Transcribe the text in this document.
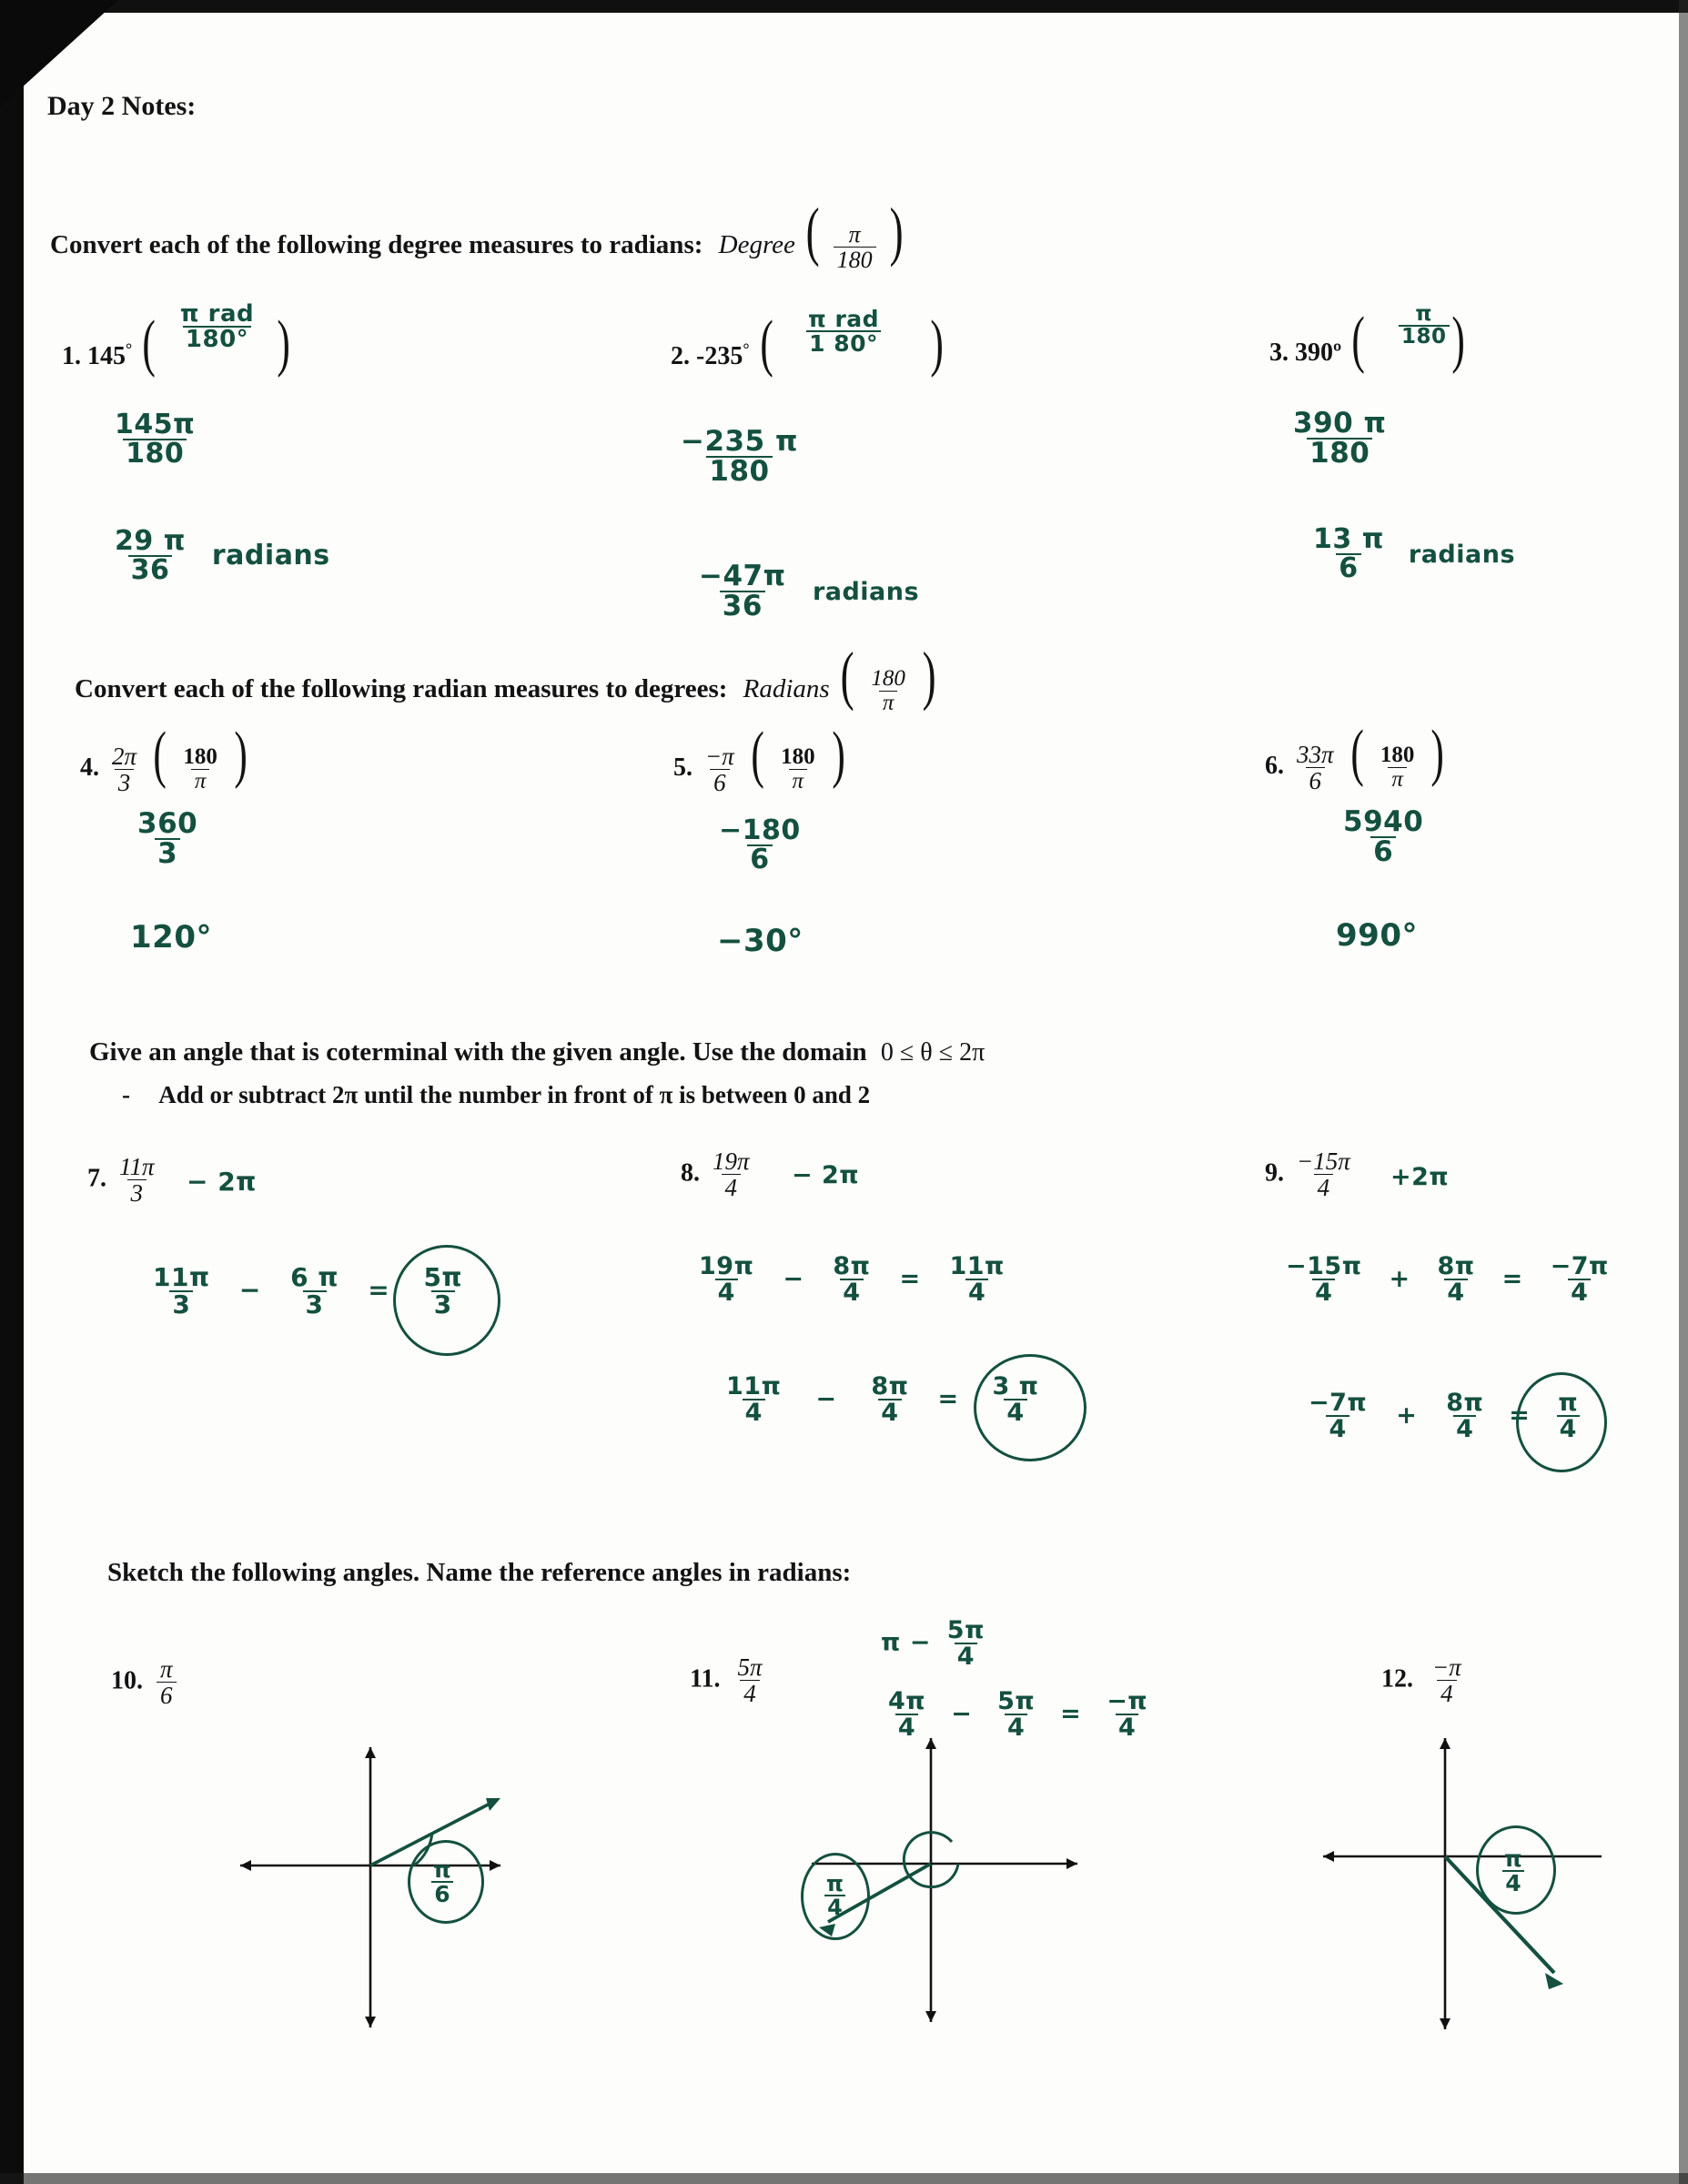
Day 2 Notes:
Convert each of the following degree measures to radians: Degree ( $\frac{\pi}{180}$ )
1. 145° ( )
$\frac{\text{π rad}}{180^\circ}$
$\frac{145\pi}{180}$
$\frac{29 \pi}{36}$ radians
2. -235° ( )
$\frac{\text{π rad}}{1 80^\circ}$
$\frac{-235 \pi}{180}$
$\frac{-47\pi}{36}$ radians
3. 390º ( )
$\frac{\pi}{180}$
$\frac{390 \pi}{180}$
$\frac{13 \pi}{6}$ radians
Convert each of the following radian measures to degrees: Radians ( $\frac{180}{\pi}$ )
4. $\frac{2\pi}{3}$ ( $\frac{180}{\pi}$ )
$\frac{360}{3}$
120°
5. $\frac{-\pi}{6}$ ( $\frac{180}{\pi}$ )
$\frac{-180}{6}$
−30°
6. $\frac{33\pi}{6}$ ( $\frac{180}{\pi}$ )
$\frac{5940}{6}$
990°
Give an angle that is coterminal with the given angle. Use the domain 0 ≤ θ ≤ 2π
- Add or subtract 2π until the number in front of π is between 0 and 2
7. $\frac{11\pi}{3} - 2\pi$
$\frac{11\pi}{3} - \frac{6 \pi}{3} = \frac{5\pi}{3}$
8. $\frac{19\pi}{4} - 2\pi$
$\frac{19\pi}{4} - \frac{8\pi}{4} = \frac{11\pi}{4}$
$\frac{11\pi}{4} - \frac{8\pi}{4} = \frac{3 \pi}{4}$
9. $\frac{-15\pi}{4} +2\pi$
$\frac{-15\pi}{4} + \frac{8\pi}{4} = \frac{-7\pi}{4}$
$\frac{-7\pi}{4} + \frac{8\pi}{4} = \frac{\pi}{4}$
Sketch the following angles. Name the reference angles in radians:
10. $\frac{\pi}{6}$
$\frac{\pi}{6}$
11. $\frac{5\pi}{4}$
$\pi - \frac{5\pi}{4}$
$\frac{4\pi}{4} - \frac{5\pi}{4} = \frac{-\pi}{4}$
$\frac{\pi}{4}$
12. $\frac{-\pi}{4}$
$\frac{\pi}{4}$
